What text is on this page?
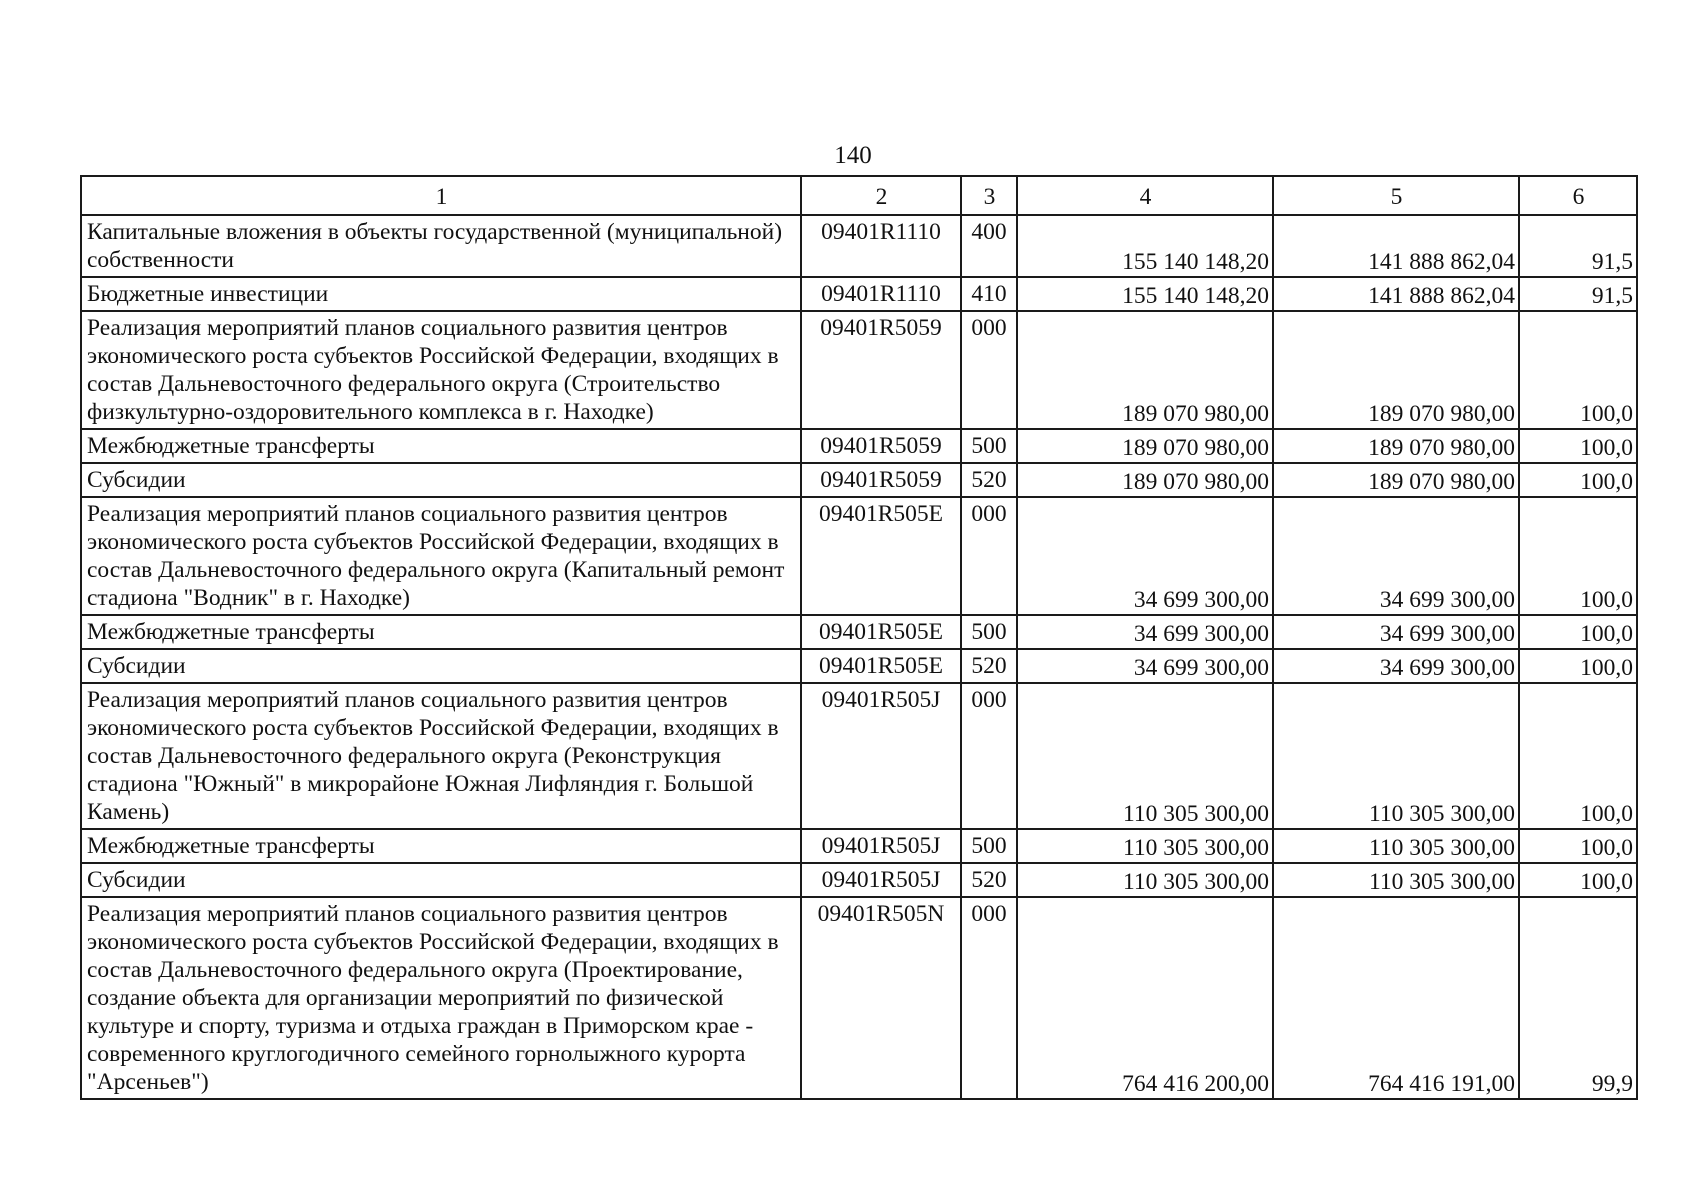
140
1	2	3	4	5	6
Капитальные вложения в объекты государственной (муниципальной) собственности	09401R1110	400	155 140 148,20	141 888 862,04	91,5
Бюджетные инвестиции	09401R1110	410	155 140 148,20	141 888 862,04	91,5
Реализация мероприятий планов социального развития центров экономического роста субъектов Российской Федерации, входящих в состав Дальневосточного федерального округа (Строительство физкультурно-оздоровительного комплекса в г. Находке)	09401R5059	000	189 070 980,00	189 070 980,00	100,0
Межбюджетные трансферты	09401R5059	500	189 070 980,00	189 070 980,00	100,0
Субсидии	09401R5059	520	189 070 980,00	189 070 980,00	100,0
Реализация мероприятий планов социального развития центров экономического роста субъектов Российской Федерации, входящих в состав Дальневосточного федерального округа (Капитальный ремонт стадиона "Водник" в г. Находке)	09401R505E	000	34 699 300,00	34 699 300,00	100,0
Межбюджетные трансферты	09401R505E	500	34 699 300,00	34 699 300,00	100,0
Субсидии	09401R505E	520	34 699 300,00	34 699 300,00	100,0
Реализация мероприятий планов социального развития центров экономического роста субъектов Российской Федерации, входящих в состав Дальневосточного федерального округа (Реконструкция стадиона "Южный" в микрорайоне Южная Лифляндия г. Большой Камень)	09401R505J	000	110 305 300,00	110 305 300,00	100,0
Межбюджетные трансферты	09401R505J	500	110 305 300,00	110 305 300,00	100,0
Субсидии	09401R505J	520	110 305 300,00	110 305 300,00	100,0
Реализация мероприятий планов социального развития центров экономического роста субъектов Российской Федерации, входящих в состав Дальневосточного федерального округа (Проектирование, создание объекта для организации мероприятий по физической культуре и спорту, туризма и отдыха граждан в Приморском крае - современного круглогодичного семейного горнолыжного курорта "Арсеньев")	09401R505N	000	764 416 200,00	764 416 191,00	99,9
